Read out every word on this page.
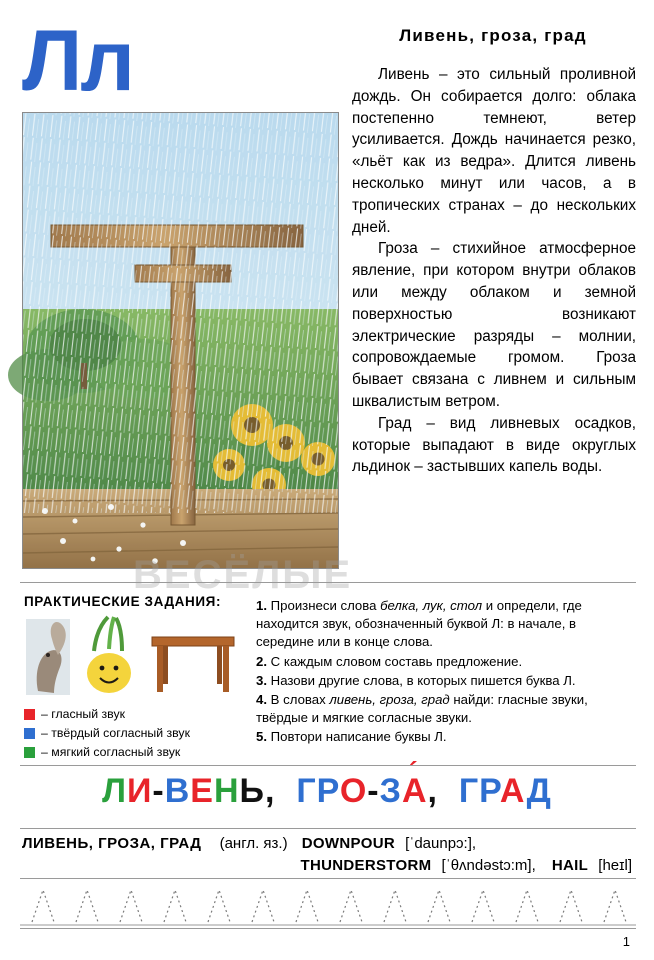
Лл
ВЕСЁЛЫЕ
Ливень, гроза, град

Ливень – это сильный проливной дождь. Он собирается долго: облака постепенно темнеют, ветер усиливается. Дождь начинается резко, «льёт как из ведра». Длится ливень несколько минут или часов, а в тропических странах – до нескольких дней.

Гроза – стихийное атмосферное явление, при котором внутри облаков или между облаком и земной поверхностью возникают электрические разряды – молнии, сопровождаемые громом. Гроза бывает связана с ливнем и сильным шквалистым ветром.

Град – вид ливневых осадков, которые выпадают в виде округлых льдинок – застывших капель воды.

ПРАКТИЧЕСКИЕ ЗАДАНИЯ:
– гласный звук
– твёрдый согласный звук
– мягкий согласный звук

1. Произнеси слова белка, лук, стол и определи, где находится звук, обозначенный буквой Л: в начале, в середине или в конце слова.

2. С каждым словом составь предложение.

3. Назови другие слова, в которых пишется буква Л.

4. В словах ливень, гроза, град найди: гласные звуки, твёрдые и мягкие согласные звуки.

5. Повтори написание буквы Л.

ЛИ-ВЕНЬ, ГРО-ЗА ´, ГРАД
ЛИВЕНЬ, ГРОЗА, ГРАД (англ. яз.) DOWNPOUR [ˈdaunpɔ:],
THUNDERSTORM [ˈθʌndəstɔ:m], HAIL [heɪl]
1
